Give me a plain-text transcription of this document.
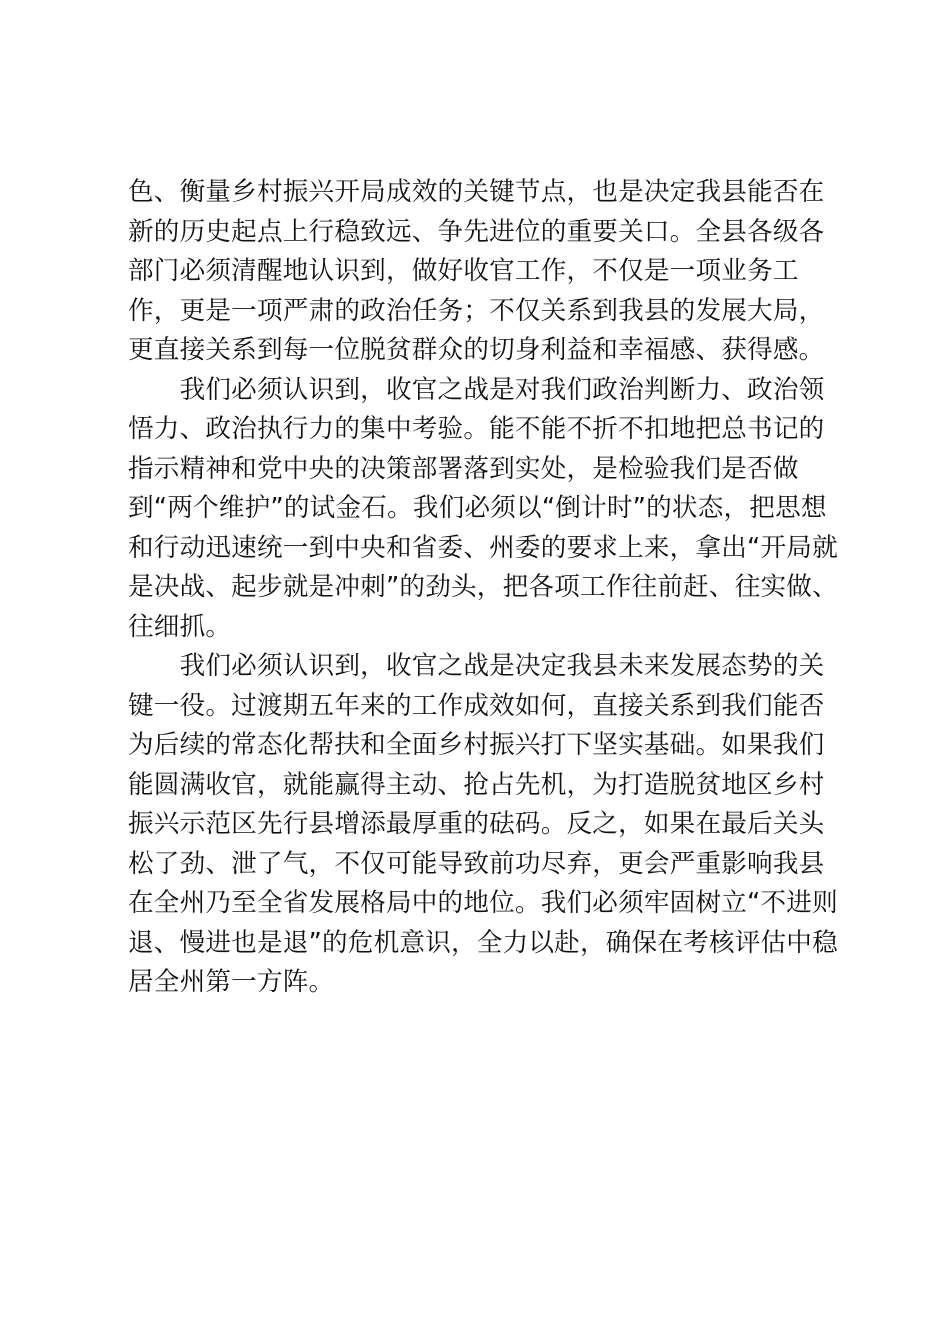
色、衡量乡村振兴开局成效的关键节点，也是决定我县能否在
新的历史起点上行稳致远、争先进位的重要关口。全县各级各
部门必须清醒地认识到，做好收官工作，不仅是一项业务工
作，更是一项严肃的政治任务；不仅关系到我县的发展大局，
更直接关系到每一位脱贫群众的切身利益和幸福感、获得感。
　　我们必须认识到，收官之战是对我们政治判断力、政治领
悟力、政治执行力的集中考验。能不能不折不扣地把总书记的
指示精神和党中央的决策部署落到实处，是检验我们是否做
到“两个维护”的试金石。我们必须以“倒计时”的状态，把思想
和行动迅速统一到中央和省委、州委的要求上来，拿出“开局就
是决战、起步就是冲刺”的劲头，把各项工作往前赶、往实做、
往细抓。
　　我们必须认识到，收官之战是决定我县未来发展态势的关
键一役。过渡期五年来的工作成效如何，直接关系到我们能否
为后续的常态化帮扶和全面乡村振兴打下坚实基础。如果我们
能圆满收官，就能赢得主动、抢占先机，为打造脱贫地区乡村
振兴示范区先行县增添最厚重的砝码。反之，如果在最后关头
松了劲、泄了气，不仅可能导致前功尽弃，更会严重影响我县
在全州乃至全省发展格局中的地位。我们必须牢固树立“不进则
退、慢进也是退”的危机意识，全力以赴，确保在考核评估中稳
居全州第一方阵。
